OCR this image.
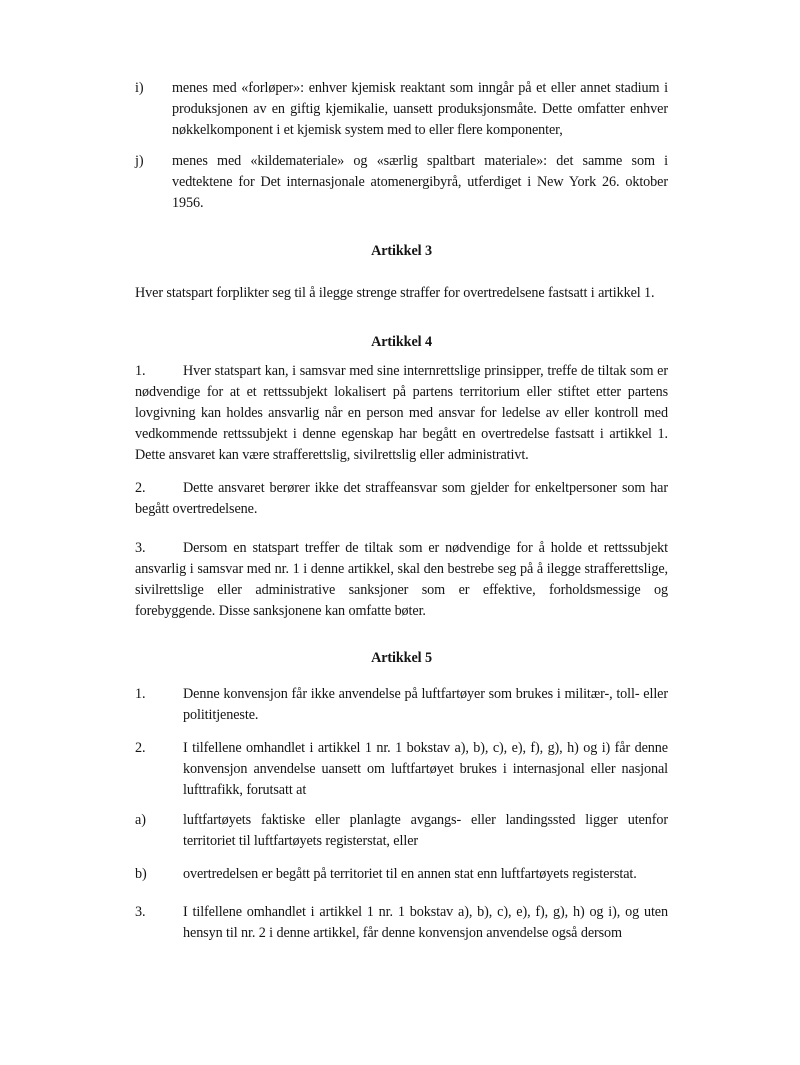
i) menes med «forløper»: enhver kjemisk reaktant som inngår på et eller annet stadium i produksjonen av en giftig kjemikalie, uansett produksjonsmåte. Dette omfatter enhver nøkkelkomponent i et kjemisk system med to eller flere komponenter,
j) menes med «kildemateriale» og «særlig spaltbart materiale»: det samme som i vedtektene for Det internasjonale atomenergibyrå, utferdiget i New York 26. oktober 1956.
Artikkel 3

Hver statspart forplikter seg til å ilegge strenge straffer for overtredelsene fastsatt i artikkel 1.

Artikkel 4

1.	Hver statspart kan, i samsvar med sine internrettslige prinsipper, treffe de tiltak som er nødvendige for at et rettssubjekt lokalisert på partens territorium eller stiftet etter partens lovgivning kan holdes ansvarlig når en person med ansvar for ledelse av eller kontroll med vedkommende rettssubjekt i denne egenskap har begått en overtredelse fastsatt i artikkel 1. Dette ansvaret kan være strafferettslig, sivilrettslig eller administrativt.

2.	Dette ansvaret berører ikke det straffeansvar som gjelder for enkeltpersoner som har begått overtredelsene.

3.	Dersom en statspart treffer de tiltak som er nødvendige for å holde et rettssubjekt ansvarlig i samsvar med nr. 1 i denne artikkel, skal den bestrebe seg på å ilegge strafferettslige, sivilrettslige eller administrative sanksjoner som er effektive, forholdsmessige og forebyggende. Disse sanksjonene kan omfatte bøter.

Artikkel 5
1.	Denne konvensjon får ikke anvendelse på luftfartøyer som brukes i militær-, toll- eller polititjeneste.
2.	I tilfellene omhandlet i artikkel 1 nr. 1 bokstav a), b), c), e), f), g), h) og i) får denne konvensjon anvendelse uansett om luftfartøyet brukes i internasjonal eller nasjonal lufttrafikk, forutsatt at
a)	luftfartøyets faktiske eller planlagte avgangs- eller landingssted ligger utenfor territoriet til luftfartøyets registerstat, eller
b)	overtredelsen er begått på territoriet til en annen stat enn luftfartøyets registerstat.
3.	I tilfellene omhandlet i artikkel 1 nr. 1 bokstav a), b), c), e), f), g), h) og i), og uten hensyn til nr. 2 i denne artikkel, får denne konvensjon anvendelse også dersom
